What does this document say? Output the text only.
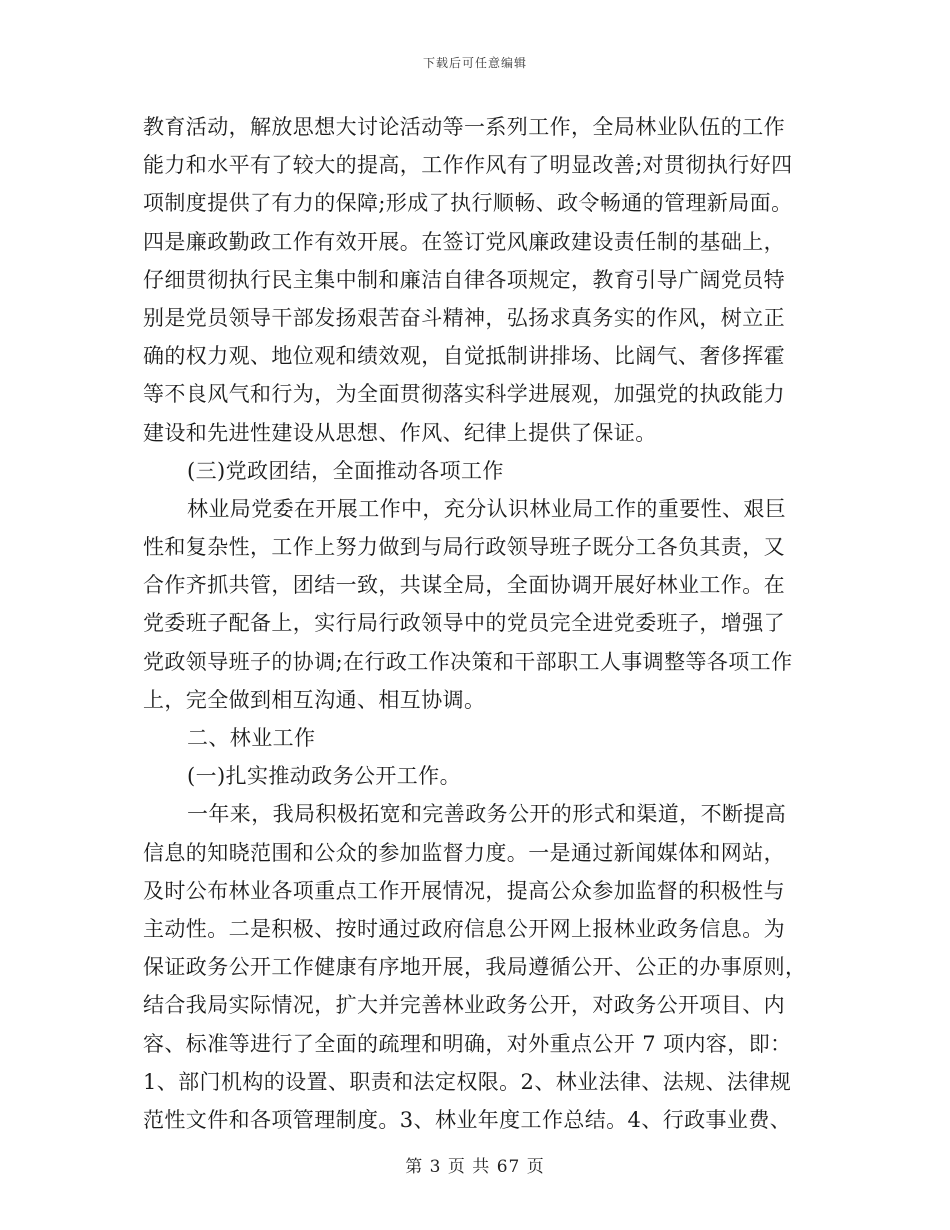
下载后可任意编辑
教育活动，解放思想大讨论活动等一系列工作，全局林业队伍的工作
能力和水平有了较大的提高，工作作风有了明显改善;对贯彻执行好四
项制度提供了有力的保障;形成了执行顺畅、政令畅通的管理新局面。
四是廉政勤政工作有效开展。在签订党风廉政建设责任制的基础上，
仔细贯彻执行民主集中制和廉洁自律各项规定，教育引导广阔党员特
别是党员领导干部发扬艰苦奋斗精神，弘扬求真务实的作风，树立正
确的权力观、地位观和绩效观，自觉抵制讲排场、比阔气、奢侈挥霍
等不良风气和行为，为全面贯彻落实科学进展观，加强党的执政能力
建设和先进性建设从思想、作风、纪律上提供了保证。
(三)党政团结，全面推动各项工作
林业局党委在开展工作中，充分认识林业局工作的重要性、艰巨
性和复杂性，工作上努力做到与局行政领导班子既分工各负其责，又
合作齐抓共管，团结一致，共谋全局，全面协调开展好林业工作。在
党委班子配备上，实行局行政领导中的党员完全进党委班子，增强了
党政领导班子的协调;在行政工作决策和干部职工人事调整等各项工作
上，完全做到相互沟通、相互协调。
二、林业工作
(一)扎实推动政务公开工作。
一年来，我局积极拓宽和完善政务公开的形式和渠道，不断提高
信息的知晓范围和公众的参加监督力度。一是通过新闻媒体和网站，
及时公布林业各项重点工作开展情况，提高公众参加监督的积极性与
主动性。二是积极、按时通过政府信息公开网上报林业政务信息。为
保证政务公开工作健康有序地开展，我局遵循公开、公正的办事原则，
结合我局实际情况，扩大并完善林业政务公开，对政务公开项目、内
容、标准等进行了全面的疏理和明确，对外重点公开 7 项内容，即：
1、部门机构的设置、职责和法定权限。2、林业法律、法规、法律规
范性文件和各项管理制度。3、林业年度工作总结。4、行政事业费、
第 3 页 共 67 页
